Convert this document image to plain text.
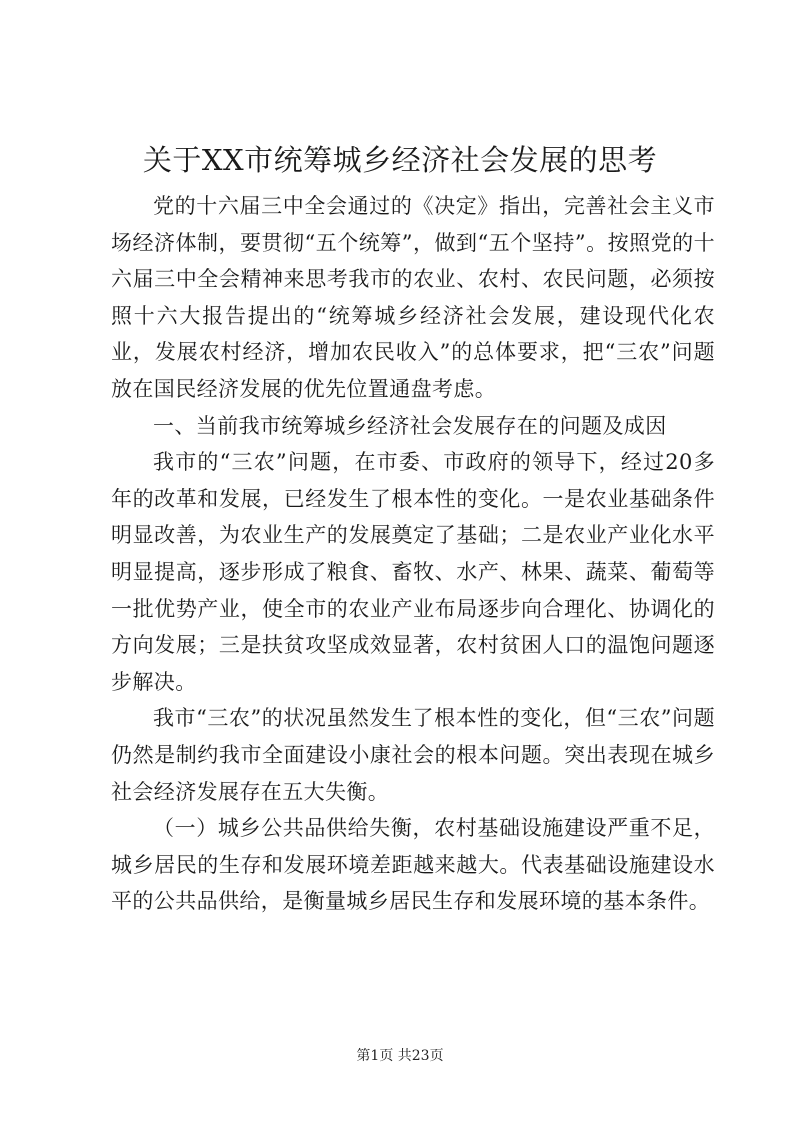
关于XX市统筹城乡经济社会发展的思考

党的十六届三中全会通过的《决定》指出，完善社会主义市场经济体制，要贯彻“五个统筹”，做到“五个坚持”。按照党的十六届三中全会精神来思考我市的农业、农村、农民问题，必须按照十六大报告提出的“统筹城乡经济社会发展，建设现代化农业，发展农村经济，增加农民收入”的总体要求，把“三农”问题放在国民经济发展的优先位置通盘考虑。

一、当前我市统筹城乡经济社会发展存在的问题及成因

我市的“三农”问题，在市委、市政府的领导下，经过20多年的改革和发展，已经发生了根本性的变化。一是农业基础条件明显改善，为农业生产的发展奠定了基础；二是农业产业化水平明显提高，逐步形成了粮食、畜牧、水产、林果、蔬菜、葡萄等一批优势产业，使全市的农业产业布局逐步向合理化、协调化的方向发展；三是扶贫攻坚成效显著，农村贫困人口的温饱问题逐步解决。

我市“三农”的状况虽然发生了根本性的变化，但“三农”问题仍然是制约我市全面建设小康社会的根本问题。突出表现在城乡社会经济发展存在五大失衡。

（一）城乡公共品供给失衡，农村基础设施建设严重不足，城乡居民的生存和发展环境差距越来越大。代表基础设施建设水平的公共品供给，是衡量城乡居民生存和发展环境的基本条件。

第1页 共23页
